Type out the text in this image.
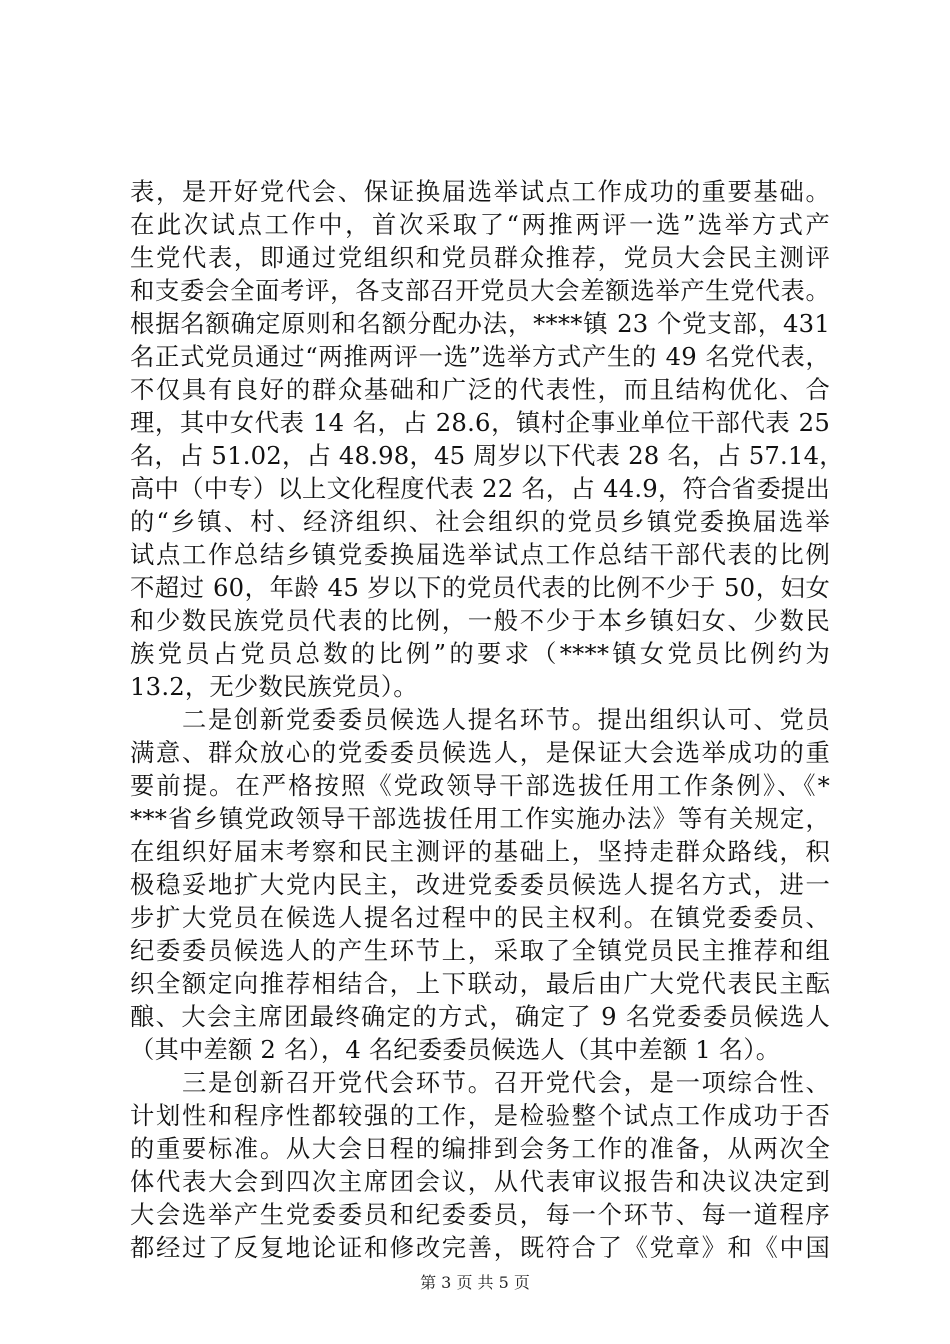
表，是开好党代会、保证换届选举试点工作成功的重要基础。
在此次试点工作中，首次采取了“两推两评一选”选举方式产
生党代表，即通过党组织和党员群众推荐，党员大会民主测评
和支委会全面考评，各支部召开党员大会差额选举产生党代表。
根据名额确定原则和名额分配办法，****镇 23 个党支部，431
名正式党员通过“两推两评一选”选举方式产生的 49 名党代表，
不仅具有良好的群众基础和广泛的代表性，而且结构优化、合
理，其中女代表 14 名，占 28.6，镇村企事业单位干部代表 25
名，占 51.02，占 48.98，45 周岁以下代表 28 名，占 57.14，
高中（中专）以上文化程度代表 22 名，占 44.9，符合省委提出
的“乡镇、村、经济组织、社会组织的党员乡镇党委换届选举
试点工作总结乡镇党委换届选举试点工作总结干部代表的比例
不超过 60，年龄 45 岁以下的党员代表的比例不少于 50，妇女
和少数民族党员代表的比例，一般不少于本乡镇妇女、少数民
族党员占党员总数的比例”的要求（****镇女党员比例约为
13.2，无少数民族党员）。
　　二是创新党委委员候选人提名环节。提出组织认可、党员
满意、群众放心的党委委员候选人，是保证大会选举成功的重
要前提。在严格按照《党政领导干部选拔任用工作条例》、《*
***省乡镇党政领导干部选拔任用工作实施办法》等有关规定，
在组织好届末考察和民主测评的基础上，坚持走群众路线，积
极稳妥地扩大党内民主，改进党委委员候选人提名方式，进一
步扩大党员在候选人提名过程中的民主权利。在镇党委委员、
纪委委员候选人的产生环节上，采取了全镇党员民主推荐和组
织全额定向推荐相结合，上下联动，最后由广大党代表民主酝
酿、大会主席团最终确定的方式，确定了 9 名党委委员候选人
（其中差额 2 名），4 名纪委委员候选人（其中差额 1 名）。
　　三是创新召开党代会环节。召开党代会，是一项综合性、
计划性和程序性都较强的工作，是检验整个试点工作成功于否
的重要标准。从大会日程的编排到会务工作的准备，从两次全
体代表大会到四次主席团会议，从代表审议报告和决议决定到
大会选举产生党委委员和纪委委员，每一个环节、每一道程序
都经过了反复地论证和修改完善，既符合了《党章》和《中国
第 3 页 共 5 页
